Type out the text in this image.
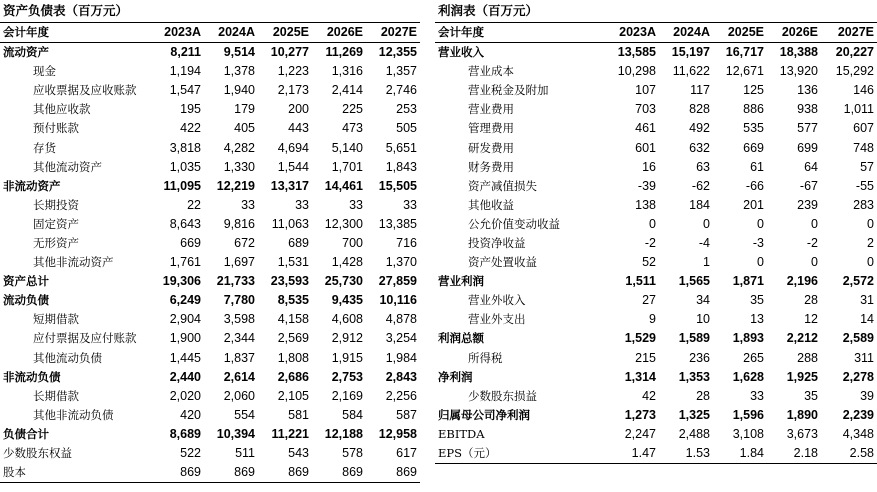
资产负债表（百万元）
会计年度	2023A	2024A	2025E	2026E	2027E
流动资产	8,211	9,514	10,277	11,269	12,355
现金	1,194	1,378	1,223	1,316	1,357
应收票据及应收账款	1,547	1,940	2,173	2,414	2,746
其他应收款	195	179	200	225	253
预付账款	422	405	443	473	505
存货	3,818	4,282	4,694	5,140	5,651
其他流动资产	1,035	1,330	1,544	1,701	1,843
非流动资产	11,095	12,219	13,317	14,461	15,505
长期投资	22	33	33	33	33
固定资产	8,643	9,816	11,063	12,300	13,385
无形资产	669	672	689	700	716
其他非流动资产	1,761	1,697	1,531	1,428	1,370
资产总计	19,306	21,733	23,593	25,730	27,859
流动负债	6,249	7,780	8,535	9,435	10,116
短期借款	2,904	3,598	4,158	4,608	4,878
应付票据及应付账款	1,900	2,344	2,569	2,912	3,254
其他流动负债	1,445	1,837	1,808	1,915	1,984
非流动负债	2,440	2,614	2,686	2,753	2,843
长期借款	2,020	2,060	2,105	2,169	2,256
其他非流动负债	420	554	581	584	587
负债合计	8,689	10,394	11,221	12,188	12,958
少数股东权益	522	511	543	578	617
股本	869	869	869	869	869
利润表（百万元）
会计年度	2023A	2024A	2025E	2026E	2027E
营业收入	13,585	15,197	16,717	18,388	20,227
营业成本	10,298	11,622	12,671	13,920	15,292
营业税金及附加	107	117	125	136	146
营业费用	703	828	886	938	1,011
管理费用	461	492	535	577	607
研发费用	601	632	669	699	748
财务费用	16	63	61	64	57
资产减值损失	-39	-62	-66	-67	-55
其他收益	138	184	201	239	283
公允价值变动收益	0	0	0	0	0
投资净收益	-2	-4	-3	-2	2
资产处置收益	52	1	0	0	0
营业利润	1,511	1,565	1,871	2,196	2,572
营业外收入	27	34	35	28	31
营业外支出	9	10	13	12	14
利润总额	1,529	1,589	1,893	2,212	2,589
所得税	215	236	265	288	311
净利润	1,314	1,353	1,628	1,925	2,278
少数股东损益	42	28	33	35	39
归属母公司净利润	1,273	1,325	1,596	1,890	2,239
EBITDA	2,247	2,488	3,108	3,673	4,348
EPS（元）	1.47	1.53	1.84	2.18	2.58
